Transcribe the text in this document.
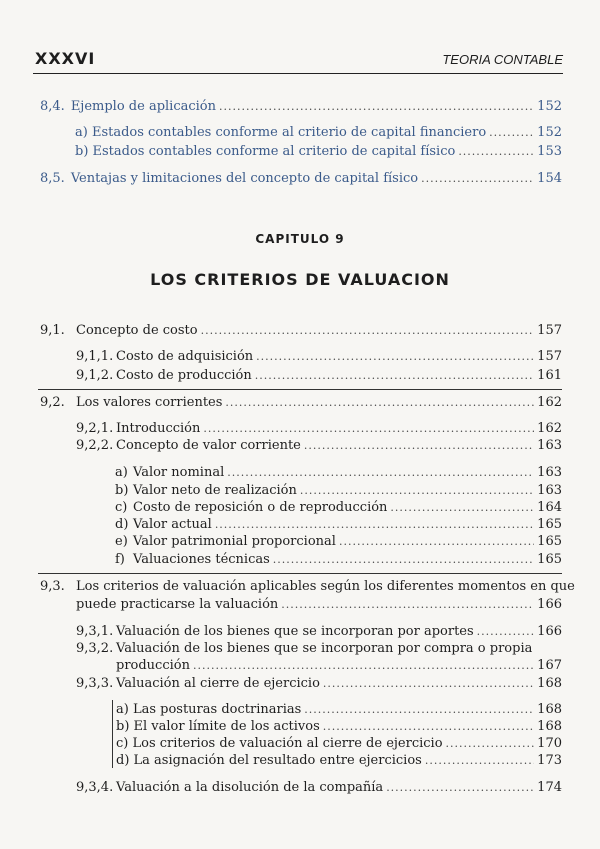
XXXVI	TEORIA CONTABLE
8,4. Ejemplo de aplicación .....	152
a) Estados contables conforme al criterio de capital financiero .....	152
b) Estados contables conforme al criterio de capital físico .....	153
8,5. Ventajas y limitaciones del concepto de capital físico .....	154
CAPITULO 9
LOS CRITERIOS DE VALUACION
9,1. Concepto de costo .....	157
9,1,1. Costo de adquisición .....	157
9,1,2. Costo de producción .....	161
9,2. Los valores corrientes .....	162
9,2,1. Introducción .....	162
9,2,2. Concepto de valor corriente .....	163
a) Valor nominal .....	163
b) Valor neto de realización .....	163
c) Costo de reposición o de reproducción .....	164
d) Valor actual .....	165
e) Valor patrimonial proporcional .....	165
f) Valuaciones técnicas .....	165
9,3. Los criterios de valuación aplicables según los diferentes momentos en que
puede practicarse la valuación .....	166
9,3,1. Valuación de los bienes que se incorporan por aportes .....	166
9,3,2. Valuación de los bienes que se incorporan por compra o propia
producción .....	167
9,3,3. Valuación al cierre de ejercicio .....	168
a) Las posturas doctrinarias .....	168
b) El valor límite de los activos .....	168
c) Los criterios de valuación al cierre de ejercicio .....	170
d) La asignación del resultado entre ejercicios .....	173
9,3,4. Valuación a la disolución de la compañía .....	174
